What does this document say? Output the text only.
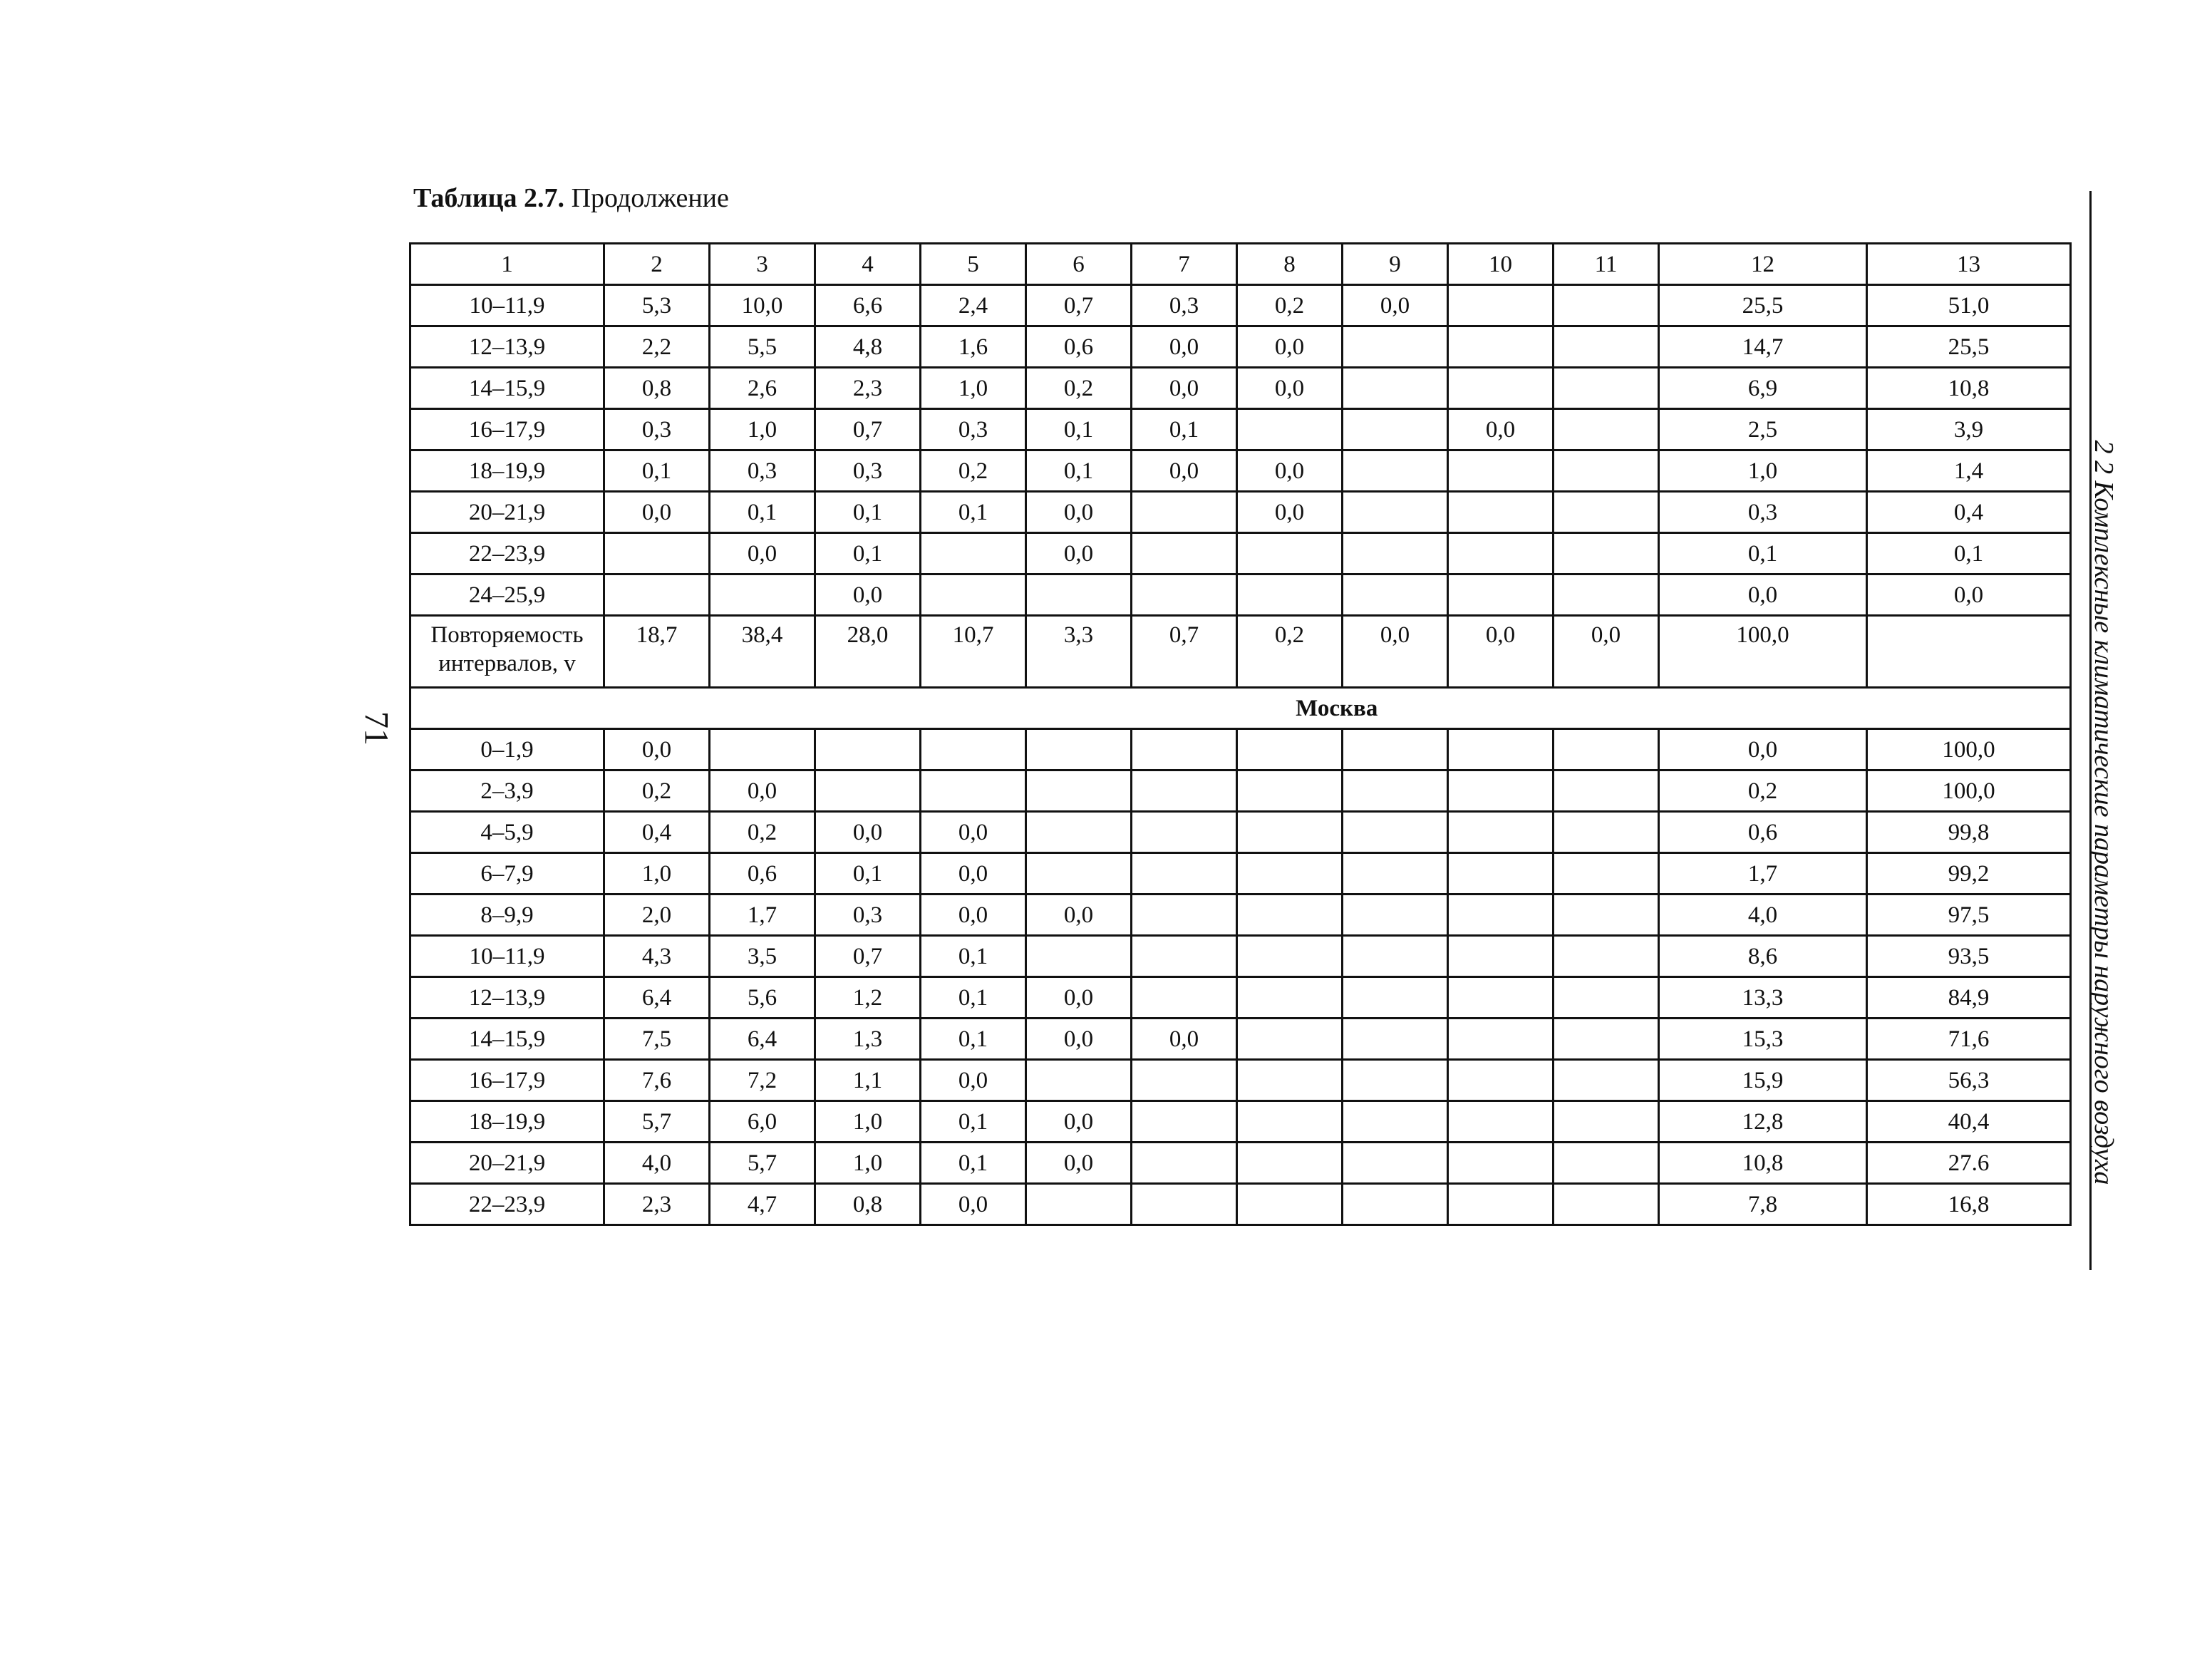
Таблица 2.7. Продолжение
71	2 2 Комплексные климатические параметры наружного воздуха
1	2	3	4	5	6	7	8	9	10	11	12	13
10–11,9	5,3	10,0	6,6	2,4	0,7	0,3	0,2	0,0			25,5	51,0
12–13,9	2,2	5,5	4,8	1,6	0,6	0,0	0,0				14,7	25,5
14–15,9	0,8	2,6	2,3	1,0	0,2	0,0	0,0				6,9	10,8
16–17,9	0,3	1,0	0,7	0,3	0,1	0,1			0,0		2,5	3,9
18–19,9	0,1	0,3	0,3	0,2	0,1	0,0	0,0				1,0	1,4
20–21,9	0,0	0,1	0,1	0,1	0,0		0,0				0,3	0,4
22–23,9		0,0	0,1		0,0						0,1	0,1
24–25,9			0,0								0,0	0,0

Повторяемость
интервалов, v	18,7	38,4	28,0	10,7	3,3	0,7	0,2	0,0	0,0	0,0	100,0	
	Москва											
0–1,9	0,0										0,0	100,0
2–3,9	0,2	0,0									0,2	100,0
4–5,9	0,4	0,2	0,0	0,0							0,6	99,8
6–7,9	1,0	0,6	0,1	0,0							1,7	99,2
8–9,9	2,0	1,7	0,3	0,0	0,0						4,0	97,5
10–11,9	4,3	3,5	0,7	0,1							8,6	93,5
12–13,9	6,4	5,6	1,2	0,1	0,0						13,3	84,9
14–15,9	7,5	6,4	1,3	0,1	0,0	0,0					15,3	71,6
16–17,9	7,6	7,2	1,1	0,0							15,9	56,3
18–19,9	5,7	6,0	1,0	0,1	0,0						12,8	40,4
20–21,9	4,0	5,7	1,0	0,1	0,0						10,8	27.6
22–23,9	2,3	4,7	0,8	0,0							7,8	16,8
